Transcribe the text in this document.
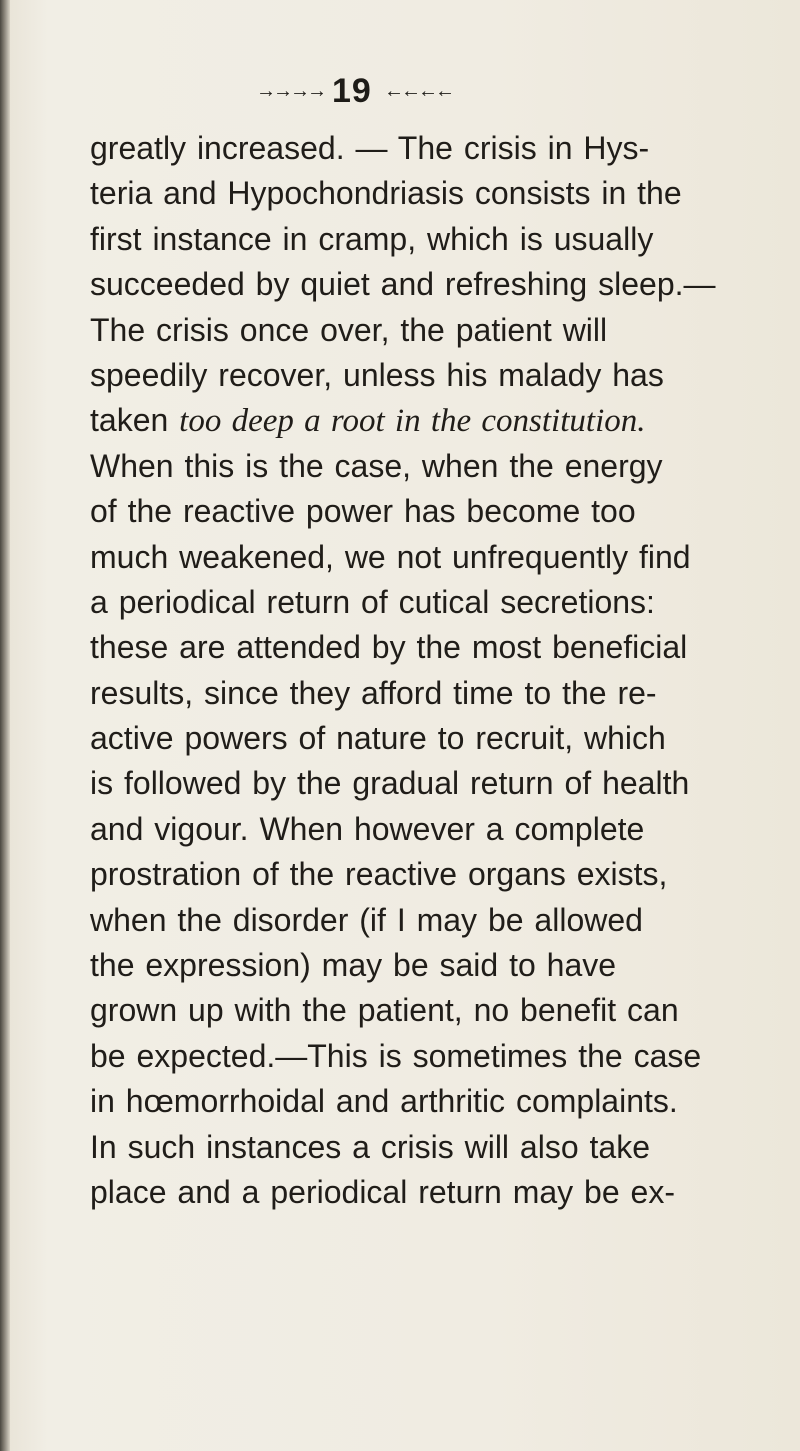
→→→→ 19 ←←←←
greatly increased. — The crisis in Hys-
teria and Hypochondriasis consists in the
first instance in cramp, which is usually
succeeded by quiet and refreshing sleep.—
The crisis once over, the patient will
speedily recover, unless his malady has
taken too deep a root in the constitution.
When this is the case, when the energy
of the reactive power has become too
much weakened, we not unfrequently find
a periodical return of cutical secretions:
these are attended by the most beneficial
results, since they afford time to the re-
active powers of nature to recruit, which
is followed by the gradual return of health
and vigour. When however a complete
prostration of the reactive organs exists,
when the disorder (if I may be allowed
the expression) may be said to have
grown up with the patient, no benefit can
be expected.—This is sometimes the case
in hœmorrhoidal and arthritic complaints.
In such instances a crisis will also take
place and a periodical return may be ex-
